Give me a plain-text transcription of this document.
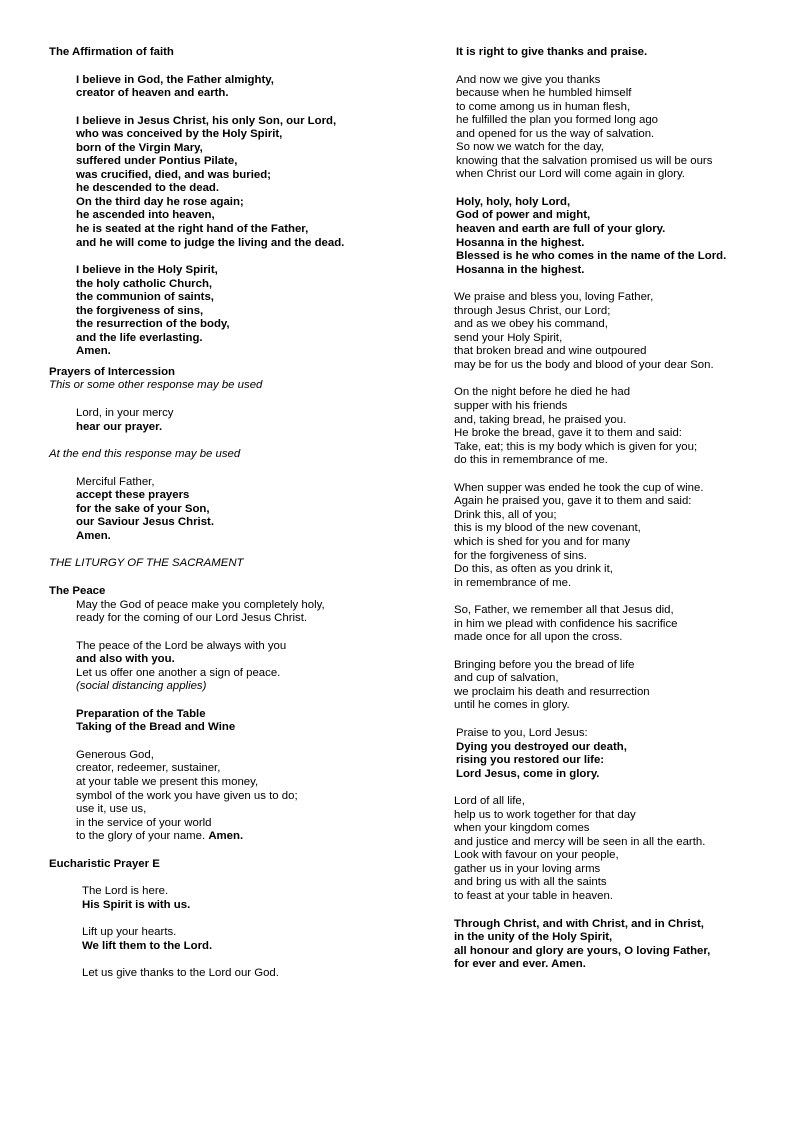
The Affirmation of faith
I believe in God, the Father almighty,
creator of heaven and earth.
I believe in Jesus Christ, his only Son, our Lord,
who was conceived by the Holy Spirit,
born of the Virgin Mary,
suffered under Pontius Pilate,
was crucified, died, and was buried;
he descended to the dead.
On the third day he rose again;
he ascended into heaven,
he is seated at the right hand of the Father,
and he will come to judge the living and the dead.
I believe in the Holy Spirit,
the holy catholic Church,
the communion of saints,
the forgiveness of sins,
the resurrection of the body,
and the life everlasting.
Amen.
Prayers of Intercession
This or some other response may be used
Lord, in your mercy
hear our prayer.
At the end this response may be used
Merciful Father,
accept these prayers
for the sake of your Son,
our Saviour Jesus Christ.
Amen.
THE LITURGY OF THE SACRAMENT
The Peace
May the God of peace make you completely holy,
ready for the coming of our Lord Jesus Christ.
The peace of the Lord be always with you
and also with you.
Let us offer one another a sign of peace.
(social distancing applies)
Preparation of the Table
Taking of the Bread and Wine
Generous God,
creator, redeemer, sustainer,
at your table we present this money,
symbol of the work you have given us to do;
use it, use us,
in the service of your world
to the glory of your name. Amen.
Eucharistic Prayer E
The Lord is here.
His Spirit is with us.
Lift up your hearts.
We lift them to the Lord.
Let us give thanks to the Lord our God.
It is right to give thanks and praise.
And now we give you thanks
because when he humbled himself
to come among us in human flesh,
he fulfilled the plan you formed long ago
and opened for us the way of salvation.
So now we watch for the day,
knowing that the salvation promised us will be ours
when Christ our Lord will come again in glory.
Holy, holy, holy Lord,
God of power and might,
heaven and earth are full of your glory.
Hosanna in the highest.
Blessed is he who comes in the name of the Lord.
Hosanna in the highest.
We praise and bless you, loving Father,
through Jesus Christ, our Lord;
and as we obey his command,
send your Holy Spirit,
that broken bread and wine outpoured
may be for us the body and blood of your dear Son.
On the night before he died he had
supper with his friends
and, taking bread, he praised you.
He broke the bread, gave it to them and said:
Take, eat; this is my body which is given for you;
do this in remembrance of me.
When supper was ended he took the cup of wine.
Again he praised you, gave it to them and said:
Drink this, all of you;
this is my blood of the new covenant,
which is shed for you and for many
for the forgiveness of sins.
Do this, as often as you drink it,
in remembrance of me.
So, Father, we remember all that Jesus did,
in him we plead with confidence his sacrifice
made once for all upon the cross.
Bringing before you the bread of life
and cup of salvation,
we proclaim his death and resurrection
until he comes in glory.
Praise to you, Lord Jesus:
Dying you destroyed our death,
rising you restored our life:
Lord Jesus, come in glory.
Lord of all life,
help us to work together for that day
when your kingdom comes
and justice and mercy will be seen in all the earth.
Look with favour on your people,
gather us in your loving arms
and bring us with all the saints
to feast at your table in heaven.
Through Christ, and with Christ, and in Christ,
in the unity of the Holy Spirit,
all honour and glory are yours, O loving Father,
for ever and ever. Amen.
